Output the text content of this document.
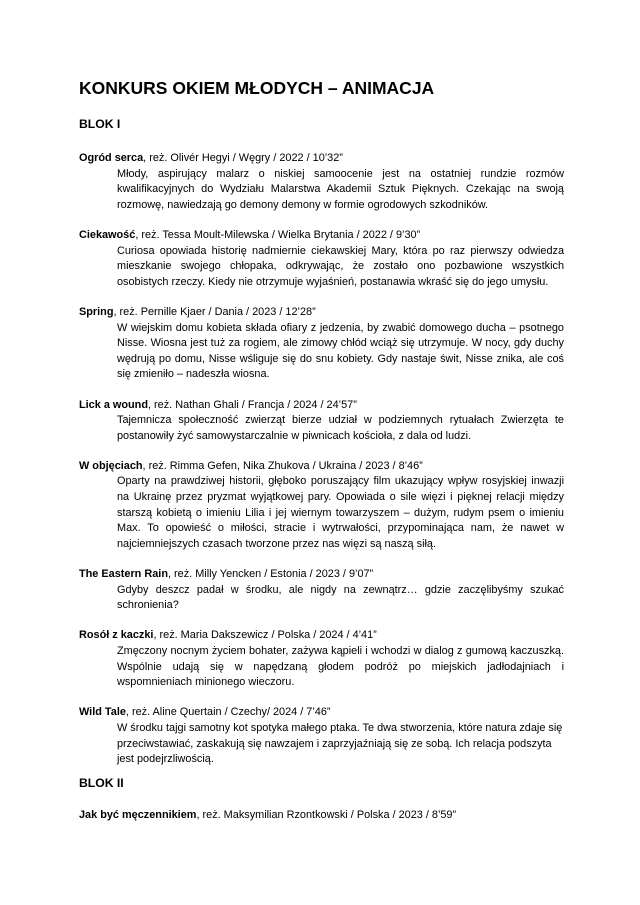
KONKURS OKIEM MŁODYCH – ANIMACJA
BLOK I
Ogród serca, reż. Olivér Hegyi / Węgry / 2022 / 10’32”
Młody, aspirujący malarz o niskiej samoocenie jest na ostatniej rundzie rozmów kwalifikacyjnych do Wydziału Malarstwa Akademii Sztuk Pięknych. Czekając na swoją rozmowę, nawiedzają go demony demony w formie ogrodowych szkodników.
Ciekawość, reż. Tessa Moult-Milewska / Wielka Brytania / 2022 / 9’30”
Curiosa opowiada historię nadmiernie ciekawskiej Mary, która po raz pierwszy odwiedza mieszkanie swojego chłopaka, odkrywając, że zostało ono pozbawione wszystkich osobistych rzeczy. Kiedy nie otrzymuje wyjaśnień, postanawia wkraść się do jego umysłu.
Spring, reż. Pernille Kjaer / Dania / 2023 / 12’28”
W wiejskim domu kobieta składa ofiary z jedzenia, by zwabić domowego ducha – psotnego Nisse. Wiosna jest tuż za rogiem, ale zimowy chłód wciąż się utrzymuje. W nocy, gdy duchy wędrują po domu, Nisse wśliguje się do snu kobiety. Gdy nastaje świt, Nisse znika, ale coś się zmieniło – nadeszła wiosna.
Lick a wound, reż. Nathan Ghali / Francja / 2024 / 24’57”
Tajemnicza społeczność zwierząt bierze udział w podziemnych rytuałach Zwierzęta te postanowiły żyć samowystarczalnie w piwnicach kościoła, z dala od ludzi.
W objęciach, reż. Rimma Gefen, Nika Zhukova / Ukraina / 2023 / 8’46”
Oparty na prawdziwej historii, głęboko poruszający film ukazujący wpływ rosyjskiej inwazji na Ukrainę przez pryzmat wyjątkowej pary. Opowiada o sile więzi i pięknej relacji między starszą kobietą o imieniu Lilia i jej wiernym towarzyszem – dużym, rudym psem o imieniu Max. To opowieść o miłości, stracie i wytrwałości, przypominająca nam, że nawet w najciemniejszych czasach tworzone przez nas więzi są naszą siłą.
The Eastern Rain, reż. Milly Yencken / Estonia / 2023 / 9’07”
Gdyby deszcz padał w środku, ale nigdy na zewnątrz… gdzie zaczęlibyśmy szukać schronienia?
Rosół z kaczki, reż. Maria Dakszewicz / Polska / 2024 / 4’41”
Zmęczony nocnym życiem bohater, zażywa kąpieli i wchodzi w dialog z gumową kaczuszką. Wspólnie udają się w napędzaną głodem podróż po miejskich jadłodajniach i wspomnieniach minionego wieczoru.
Wild Tale, reż. Aline Quertain / Czechy/ 2024 / 7’46”
W środku tajgi samotny kot spotyka małego ptaka. Te dwa stworzenia, które natura zdaje się przeciwstawiać, zaskakują się nawzajem i zaprzyjaźniają się ze sobą. Ich relacja podszyta jest podejrzliwością.
BLOK II
Jak być męczennikiem, reż. Maksymilian Rzontkowski / Polska / 2023 / 8’59”
